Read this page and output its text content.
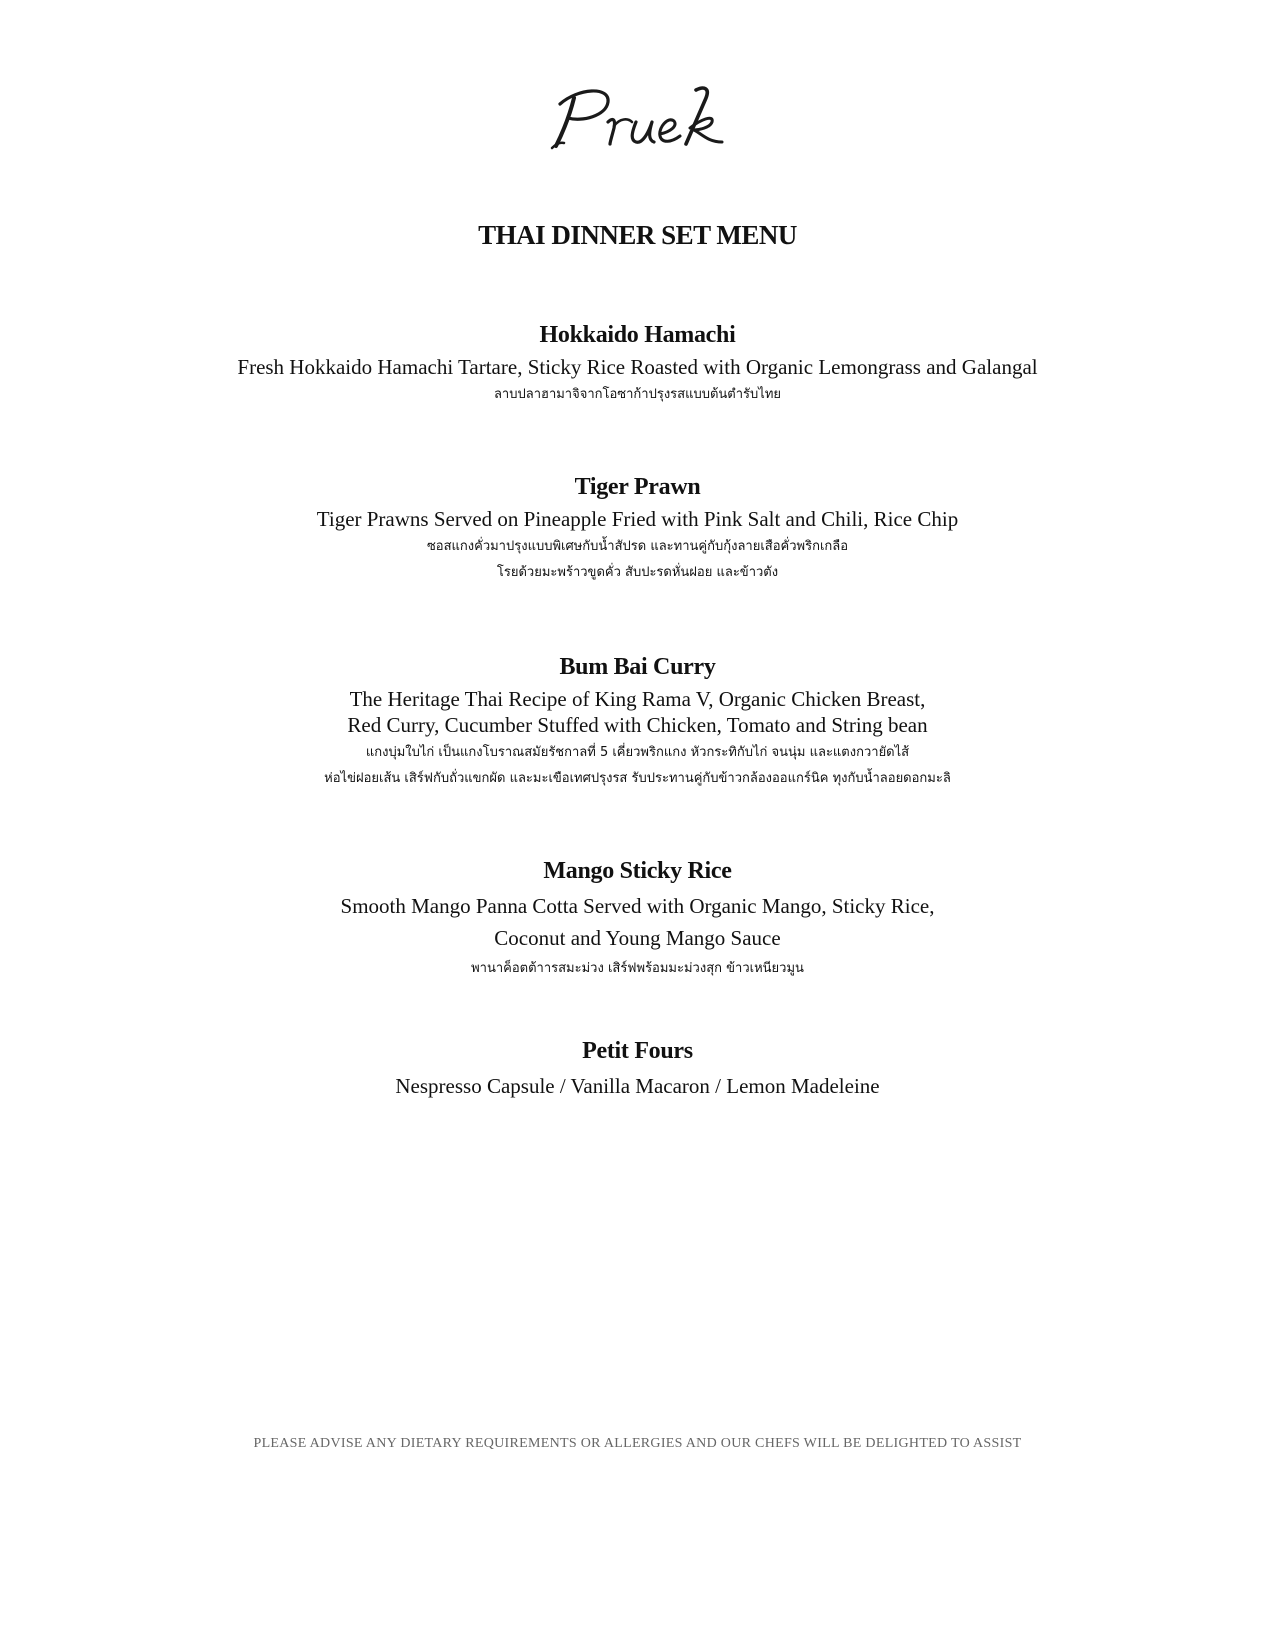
THAI DINNER SET MENU
Hokkaido Hamachi
Fresh Hokkaido Hamachi Tartare, Sticky Rice Roasted with Organic Lemongrass and Galangal
ลาบปลาฮามาจิจากโอซาก้าปรุงรสแบบต้นตำรับไทย
Tiger Prawn
Tiger Prawns Served on Pineapple Fried with Pink Salt and Chili, Rice Chip
ซอสแกงคั่วมาปรุงแบบพิเศษกับน้ำสัปรด และทานคู่กับกุ้งลายเสือคั่วพริกเกลือ
โรยด้วยมะพร้าวขูดคั่ว สับปะรดหั่นฝอย และข้าวตัง
Bum Bai Curry
The Heritage Thai Recipe of King Rama V, Organic Chicken Breast,
Red Curry, Cucumber Stuffed with Chicken, Tomato and String bean
แกงบุ่มใบไก่ เป็นแกงโบราณสมัยรัชกาลที่ 5 เคี่ยวพริกแกง หัวกระทิกับไก่ จนนุ่ม และแตงกวายัดไส้
ห่อไข่ฝอยเส้น เสิร์ฟกับถั่วแขกผัด และมะเขือเทศปรุงรส รับประทานคู่กับข้าวกล้องออแกร์นิค ทุงกับน้ำลอยดอกมะลิ
Mango Sticky Rice
Smooth Mango Panna Cotta Served with Organic Mango, Sticky Rice,
Coconut and Young Mango Sauce
พานาค็อตต้าารสมะม่วง เสิร์ฟพร้อมมะม่วงสุก ข้าวเหนียวมูน
Petit Fours
Nespresso Capsule / Vanilla Macaron / Lemon Madeleine
PLEASE ADVISE ANY DIETARY REQUIREMENTS OR ALLERGIES AND OUR CHEFS WILL BE DELIGHTED TO ASSIST
